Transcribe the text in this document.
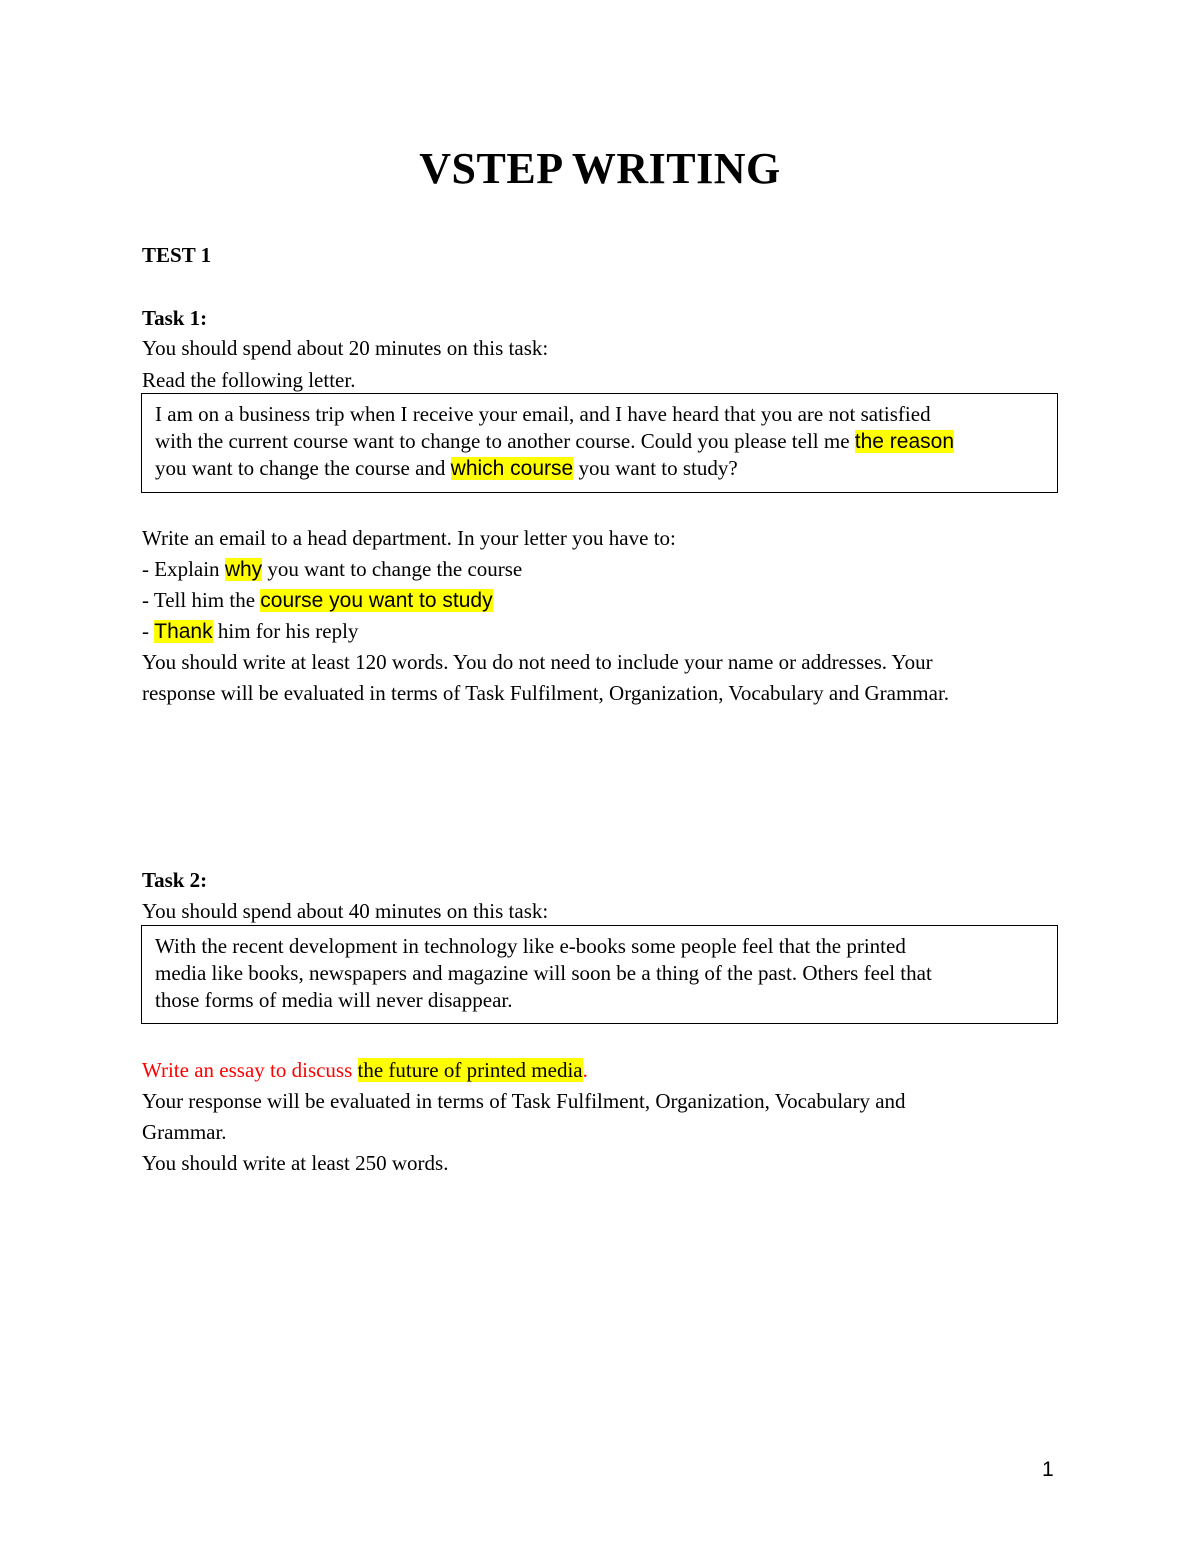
VSTEP WRITING
TEST 1
Task 1:
You should spend about 20 minutes on this task:
Read the following letter.
I am on a business trip when I receive your email, and I have heard that you are not satisfied
with the current course want to change to another course. Could you please tell me the reason
you want to change the course and which course you want to study?
Write an email to a head department. In your letter you have to:
- Explain why you want to change the course
- Tell him the course you want to study
- Thank him for his reply
You should write at least 120 words. You do not need to include your name or addresses. Your
response will be evaluated in terms of Task Fulfilment, Organization, Vocabulary and Grammar.
Task 2:
You should spend about 40 minutes on this task:
With the recent development in technology like e-books some people feel that the printed
media like books, newspapers and magazine will soon be a thing of the past. Others feel that
those forms of media will never disappear.
Write an essay to discuss the future of printed media.
Your response will be evaluated in terms of Task Fulfilment, Organization, Vocabulary and
Grammar.
You should write at least 250 words.
1
